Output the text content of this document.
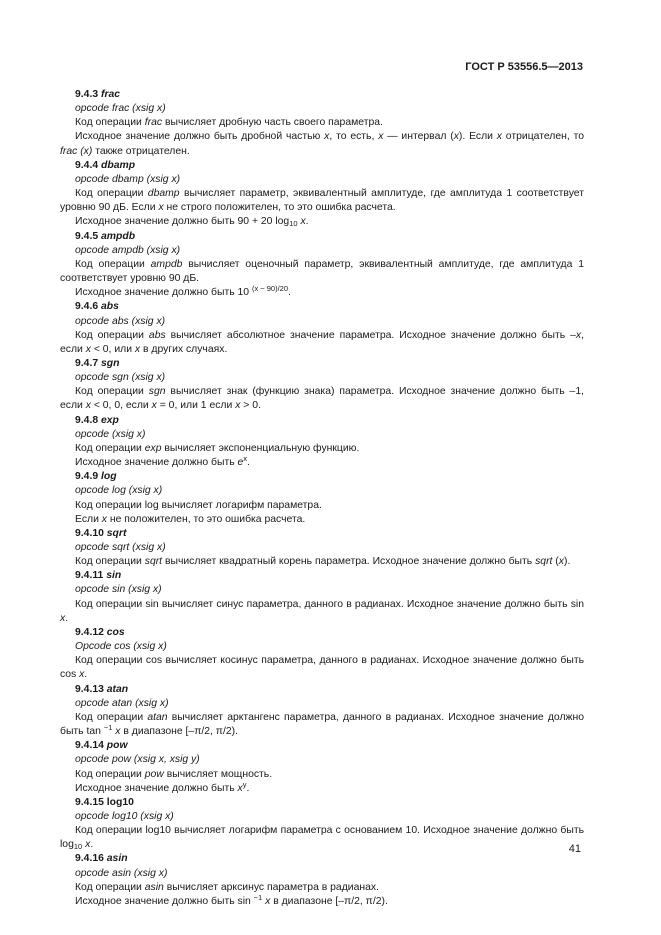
ГОСТ Р 53556.5—2013
9.4.3 frac
opcode frac (xsig x)
Код операции frac вычисляет дробную часть своего параметра.
Исходное значение должно быть дробной частью x, то есть, x — интервал (x). Если x отрицателен, то frac (x) также отрицателен.
9.4.4 dbamp
opcode dbamp (xsig x)
Код операции dbamp вычисляет параметр, эквивалентный амплитуде, где амплитуда 1 соответствует уровню 90 дБ. Если x не строго положителен, то это ошибка расчета.
Исходное значение должно быть 90 + 20 $\log_{10} x$.
9.4.5 ampdb
opcode ampdb (xsig x)
Код операции ampdb вычисляет оценочный параметр, эквивалентный амплитуде, где амплитуда 1 соответствует уровню 90 дБ.
Исходное значение должно быть 10 $^{(x - 90)/20}$.
9.4.6 abs
opcode abs (xsig x)
Код операции abs вычисляет абсолютное значение параметра. Исходное значение должно быть –x, если x < 0, или x в других случаях.
9.4.7 sgn
opcode sgn (xsig x)
Код операции sgn вычисляет знак (функцию знака) параметра. Исходное значение должно быть –1, если x < 0, 0, если x = 0, или 1 если x > 0.
9.4.8 exp
opcode (xsig x)
Код операции exp вычисляет экспоненциальную функцию.
Исходное значение должно быть $e^x$.
9.4.9 log
opcode log (xsig x)
Код операции log вычисляет логарифм параметра.
Если x не положителен, то это ошибка расчета.
9.4.10 sqrt
opcode sqrt (xsig x)
Код операции sqrt вычисляет квадратный корень параметра. Исходное значение должно быть sqrt (x).
9.4.11 sin
opcode sin (xsig x)
Код операции sin вычисляет синус параметра, данного в радианах. Исходное значение должно быть sin x.
9.4.12 cos
Opcode cos (xsig x)
Код операции cos вычисляет косинус параметра, данного в радианах. Исходное значение должно быть cos x.
9.4.13 atan
opcode atan (xsig x)
Код операции atan вычисляет арктангенс параметра, данного в радианах. Исходное значение должно быть tan $^{-1}$ x в диапазоне [–π/2, π/2).
9.4.14 pow
opcode pow (xsig x, xsig y)
Код операции pow вычисляет мощность.
Исходное значение должно быть $x^y$.
9.4.15 log10
opcode log10 (xsig x)
Код операции log10 вычисляет логарифм параметра с основанием 10. Исходное значение должно быть $\log_{10} x$.
9.4.16 asin
opcode asin (xsig x)
Код операции asin вычисляет арксинус параметра в радианах.
Исходное значение должно быть sin $^{-1}$ x в диапазоне [–π/2, π/2).
41
